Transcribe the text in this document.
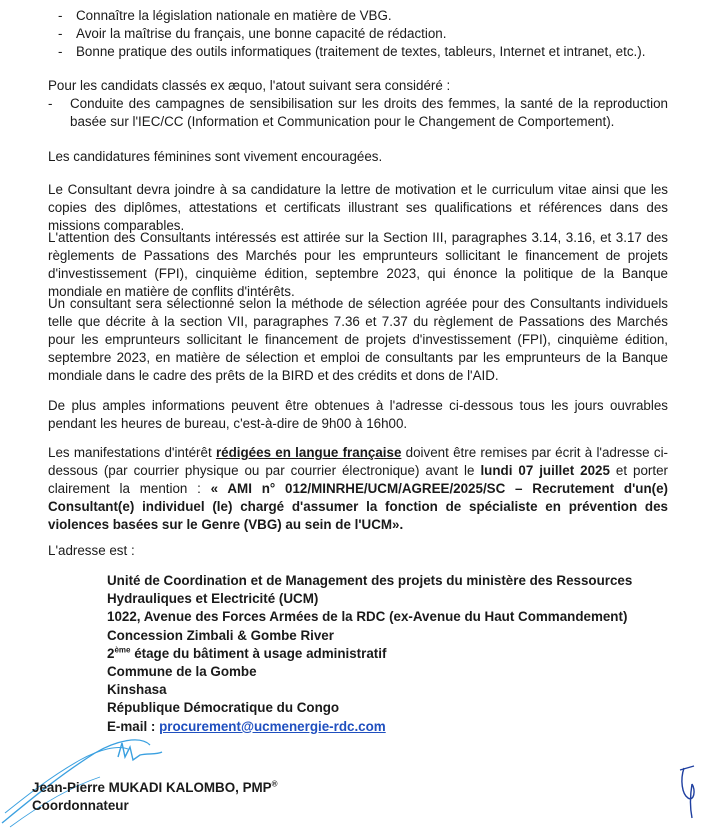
- Connaître la législation nationale en matière de VBG.
- Avoir la maîtrise du français, une bonne capacité de rédaction.
- Bonne pratique des outils informatiques (traitement de textes, tableurs, Internet et intranet, etc.).

Pour les candidats classés ex æquo, l'atout suivant sera considéré :

- Conduite des campagnes de sensibilisation sur les droits des femmes, la santé de la reproduction basée sur l'IEC/CC (Information et Communication pour le Changement de Comportement).

Les candidatures féminines sont vivement encouragées.

Le Consultant devra joindre à sa candidature la lettre de motivation et le curriculum vitae ainsi que les copies des diplômes, attestations et certificats illustrant ses qualifications et références dans des missions comparables.

L'attention des Consultants intéressés est attirée sur la Section III, paragraphes 3.14, 3.16, et 3.17 des règlements de Passations des Marchés pour les emprunteurs sollicitant le financement de projets d'investissement (FPI), cinquième édition, septembre 2023, qui énonce la politique de la Banque mondiale en matière de conflits d'intérêts.

Un consultant sera sélectionné selon la méthode de sélection agréée pour des Consultants individuels telle que décrite à la section VII, paragraphes 7.36 et 7.37 du règlement de Passations des Marchés pour les emprunteurs sollicitant le financement de projets d'investissement (FPI), cinquième édition, septembre 2023, en matière de sélection et emploi de consultants par les emprunteurs de la Banque mondiale dans le cadre des prêts de la BIRD et des crédits et dons de l'AID.

De plus amples informations peuvent être obtenues à l'adresse ci-dessous tous les jours ouvrables pendant les heures de bureau, c'est-à-dire de 9h00 à 16h00.

Les manifestations d'intérêt rédigées en langue française doivent être remises par écrit à l'adresse ci-dessous (par courrier physique ou par courrier électronique) avant le lundi 07 juillet 2025 et porter clairement la mention : « AMI n° 012/MINRHE/UCM/AGREE/2025/SC – Recrutement d'un(e) Consultant(e) individuel (le) chargé d'assumer la fonction de spécialiste en prévention des violences basées sur le Genre (VBG) au sein de l'UCM».

L'adresse est :

Unité de Coordination et de Management des projets du ministère des Ressources Hydrauliques et Electricité (UCM)
1022, Avenue des Forces Armées de la RDC (ex-Avenue du Haut Commandement)
Concession Zimbali & Gombe River
2ème étage du bâtiment à usage administratif
Commune de la Gombe
Kinshasa
République Démocratique du Congo
E-mail : procurement@ucmenergie-rdc.com
Jean-Pierre MUKADI KALOMBO, PMP®
Coordonnateur
